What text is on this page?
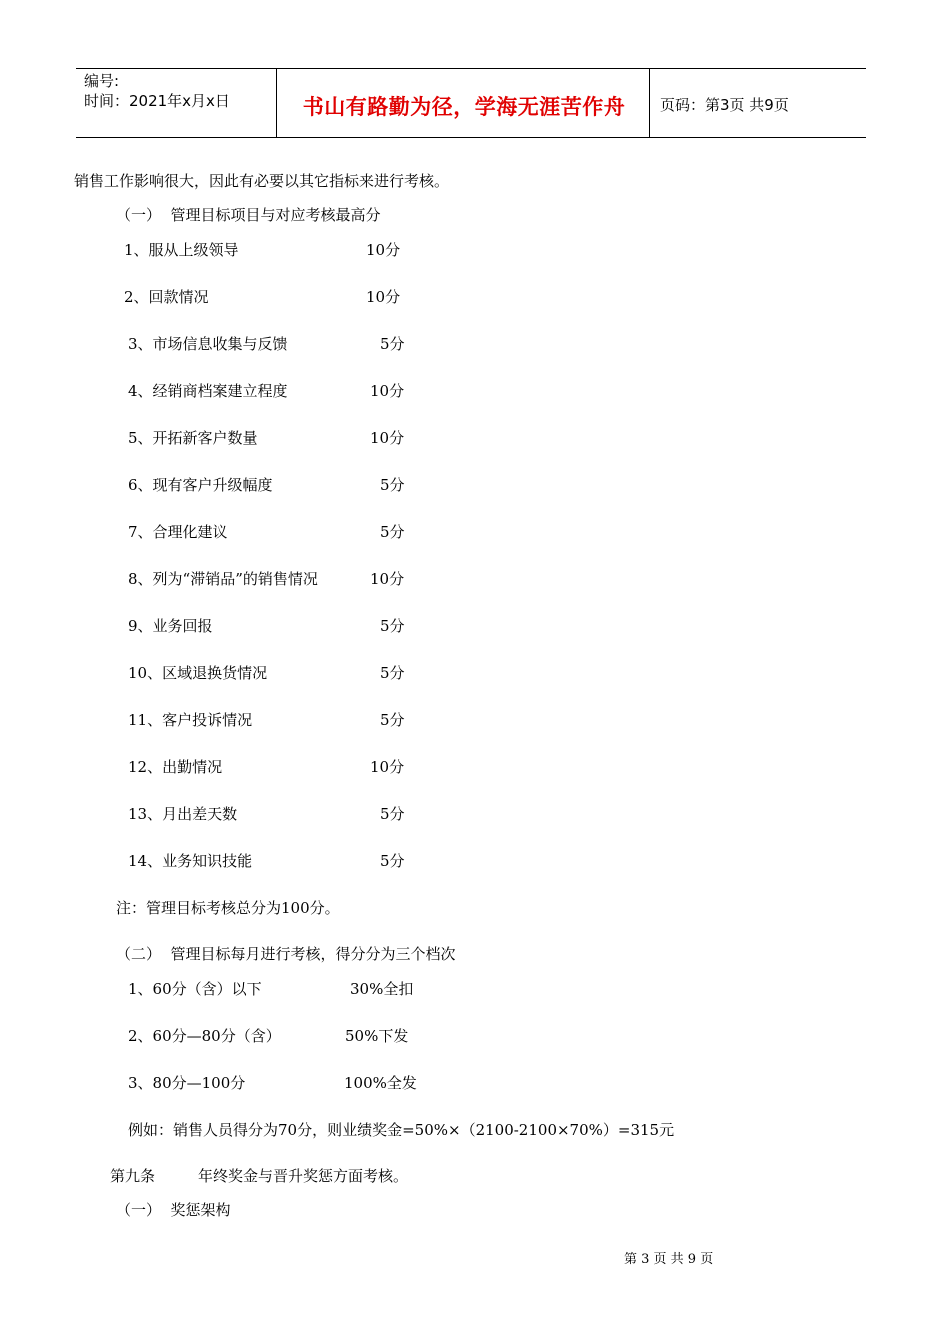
编号:
时间：2021年x月x日	书山有路勤为径，学海无涯苦作舟	页码：第3页 共9页
销售工作影响很大，因此有必要以其它指标来进行考核。
（一）  管理目标项目与对应考核最高分
1、服从上级领导	10分
2、回款情况	10分
3、市场信息收集与反馈	5分
4、经销商档案建立程度	10分
5、开拓新客户数量	10分
6、现有客户升级幅度	5分
7、合理化建议	5分
8、列为“滞销品”的销售情况	10分
9、业务回报	5分
10、区域退换货情况	5分
11、客户投诉情况	5分
12、出勤情况	10分
13、月出差天数	5分
14、业务知识技能	5分
注：管理目标考核总分为100分。
（二）  管理目标每月进行考核，得分分为三个档次
1、60分（含）以下	30%全扣
2、60分—80分（含）	50%下发
3、80分—100分	100%全发
例如：销售人员得分为70分，则业绩奖金=50%×（2100-2100×70%）=315元
第九条	年终奖金与晋升奖惩方面考核。
（一）  奖惩架构
第 3 页 共 9 页
